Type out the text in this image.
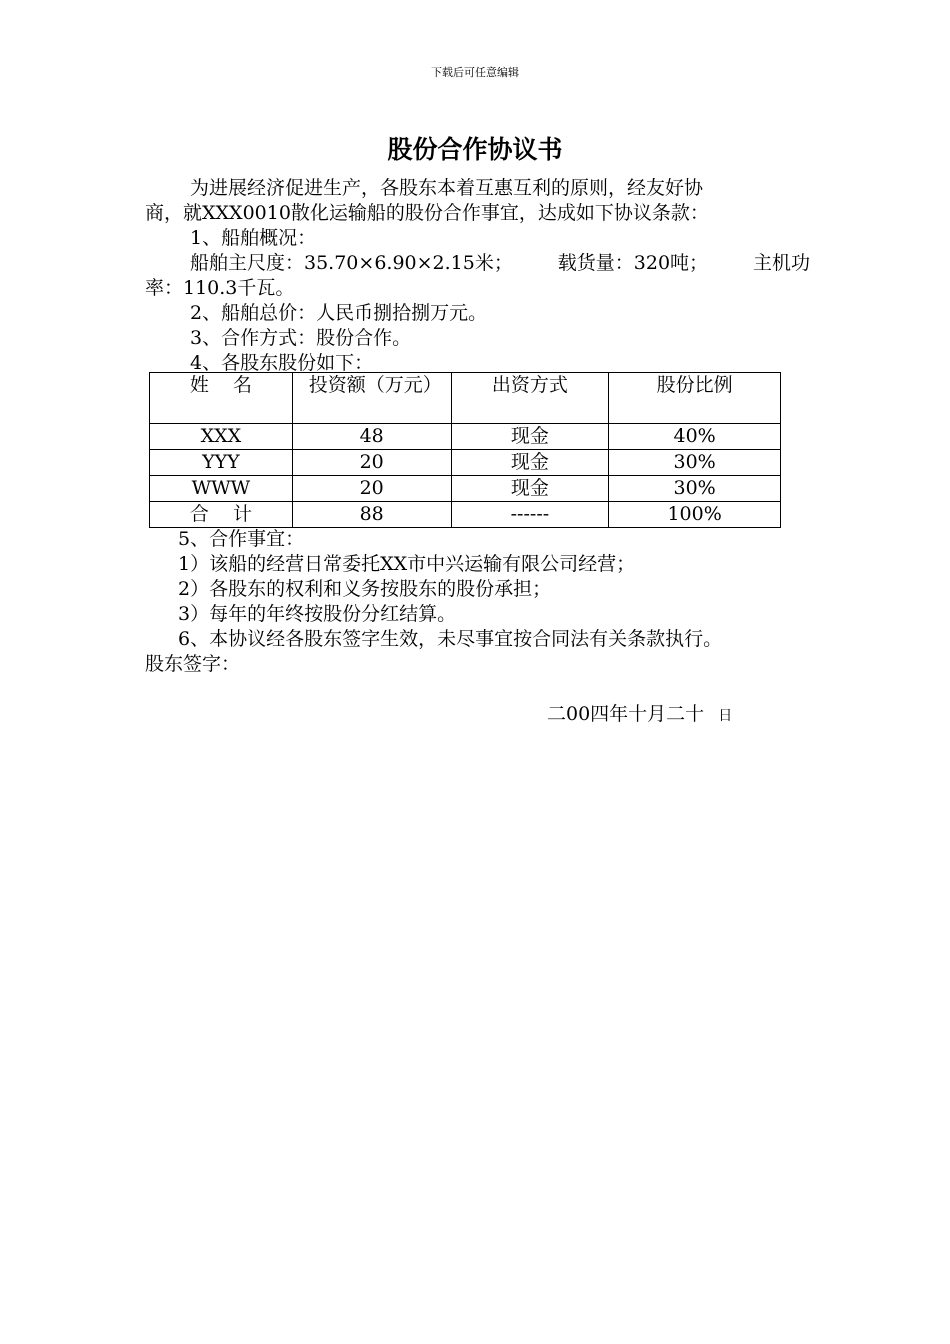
下载后可任意编辑
股份合作协议书
为进展经济促进生产，各股东本着互惠互利的原则，经友好协
商，就XXX0010散化运输船的股份合作事宜，达成如下协议条款：
1、船舶概况：
船舶主尺度：35.70×6.90×2.15米； 载货量：320吨； 主机功
率：110.3千瓦。
2、船舶总价：人民币捌拾捌万元。
3、合作方式：股份合作。
4、各股东股份如下：
姓    名	投资额（万元）	出资方式	股份比例
XXX	48	现金	40%
YYY	20	现金	30%
WWW	20	现金	30%
合    计	88	------	100%
5、合作事宜：
1）该船的经营日常委托XX市中兴运输有限公司经营；
2）各股东的权利和义务按股东的股份承担；
3）每年的年终按股份分红结算。
6、本协议经各股东签字生效，未尽事宜按合同法有关条款执行。
股东签字：
二00四年十月二十 日
